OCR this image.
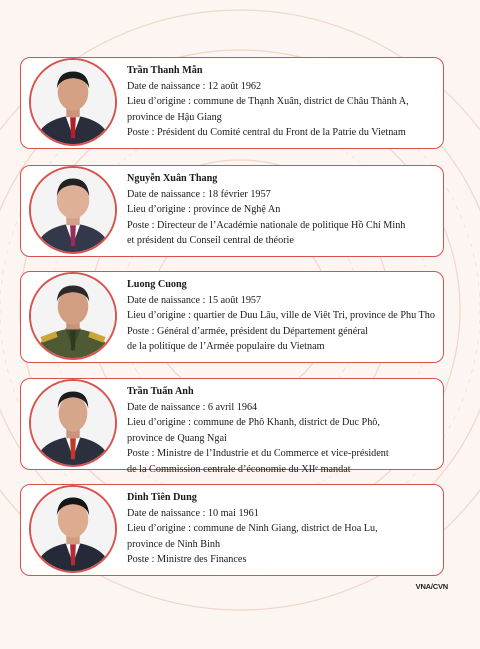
Trần Thanh Mẫn
Date de naissance : 12 août 1962
Lieu d’origine : commune de Thạnh Xuân, district de Châu Thành A,
province de Hậu Giang
Poste : Président du Comité central du Front de la Patrie du Vietnam
Nguyễn Xuân Thang
Date de naissance : 18 février 1957
Lieu d’origine : province de Nghệ An
Poste : Directeur de l’Académie nationale de politique Hồ Chí Minh
et président du Conseil central de théorie
Luong Cuong
Date de naissance : 15 août 1957
Lieu d’origine : quartier de Duu Lâu, ville de Viêt Tri, province de Phu Tho
Poste : Général d’armée, président du Département général
de la politique de l’Armée populaire du Vietnam
Trần Tuấn Anh
Date de naissance : 6 avril 1964
Lieu d’origine : commune de Phô Khanh, district de Duc Phô,
province de Quang Ngai
Poste : Ministre de l’Industrie et du Commerce et vice-président
de la Commission centrale d’économie du XIIᵉ mandat
Dinh Tiên Dung
Date de naissance : 10 mai 1961
Lieu d’origine : commune de Ninh Giang, district de Hoa Lu,
province de Ninh Binh
Poste : Ministre des Finances
VNA/CVN
